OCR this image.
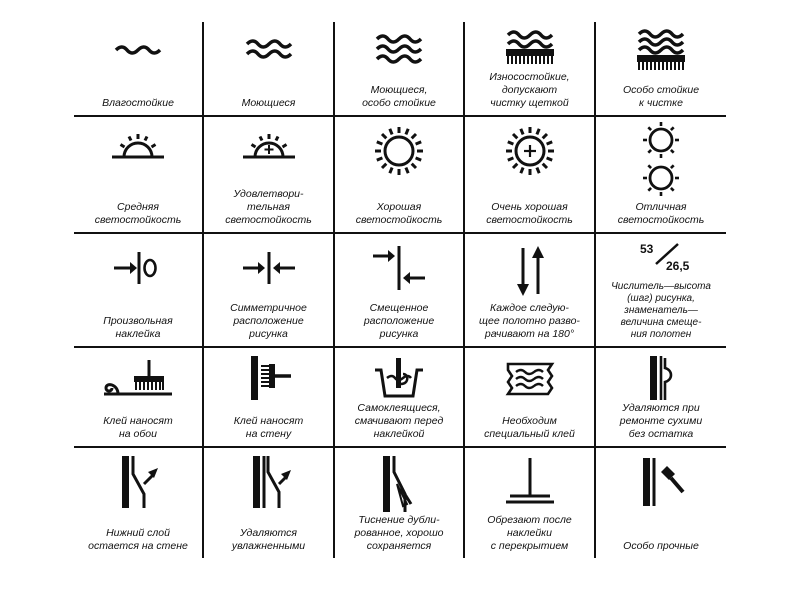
Влагостойкие	Моющиеся
Моющиеся,
особо стойкие
Износостойкие,
допускают
чистку щеткой
Особо стойкие
к чистке
Средняя
светостойкость
Удовлетвори-
тельная
светостойкость
Хорошая
светостойкость
Очень хорошая
светостойкость
Отличная
светостойкость
Произвольная
наклейка
Симметричное
расположение
рисунка
Смещенное
расположение
рисунка
Каждое следую-
щее полотно разво-
рачивают на 180°
53
26,5
Числитель—высота
(шаг) рисунка,
знаменатель—
величина смеще-
ния полотен
Клей наносят
на обои
Клей наносят
на стену
Самоклеящиеся,
смачивают перед
наклейкой
Необходим
специальный клей
Удаляются при
ремонте сухими
без остатка
Нижний слой
остается на стене
Удаляются
увлажненными
Тиснение дубли-
рованное, хорошо
сохраняется
Обрезают после
наклейки
с перекрытием	Особо прочные
